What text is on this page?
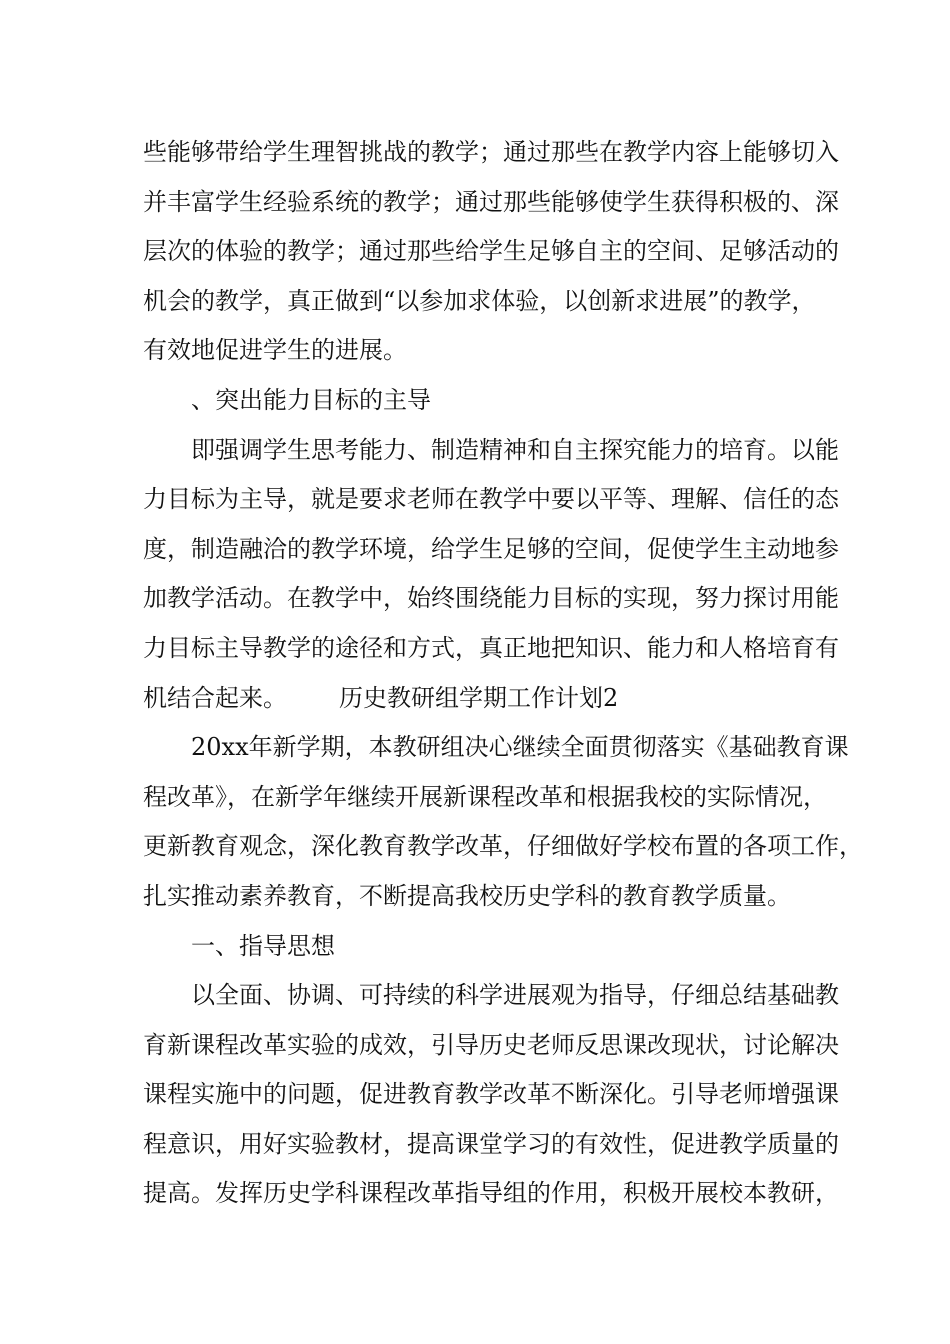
些能够带给学生理智挑战的教学；通过那些在教学内容上能够切入
并丰富学生经验系统的教学；通过那些能够使学生获得积极的、深
层次的体验的教学；通过那些给学生足够自主的空间、足够活动的
机会的教学，真正做到“以参加求体验，以创新求进展”的教学，
有效地促进学生的进展。
、突出能力目标的主导
即强调学生思考能力、制造精神和自主探究能力的培育。以能
力目标为主导，就是要求老师在教学中要以平等、理解、信任的态
度，制造融洽的教学环境，给学生足够的空间，促使学生主动地参
加教学活动。在教学中，始终围绕能力目标的实现，努力探讨用能
力目标主导教学的途径和方式，真正地把知识、能力和人格培育有
机结合起来。 历史教研组学期工作计划2
20xx年新学期，本教研组决心继续全面贯彻落实《基础教育课
程改革》，在新学年继续开展新课程改革和根据我校的实际情况，
更新教育观念，深化教育教学改革，仔细做好学校布置的各项工作，
扎实推动素养教育，不断提高我校历史学科的教育教学质量。
一、指导思想
以全面、协调、可持续的科学进展观为指导，仔细总结基础教
育新课程改革实验的成效，引导历史老师反思课改现状，讨论解决
课程实施中的问题，促进教育教学改革不断深化。引导老师增强课
程意识，用好实验教材，提高课堂学习的有效性，促进教学质量的
提高。发挥历史学科课程改革指导组的作用，积极开展校本教研，
